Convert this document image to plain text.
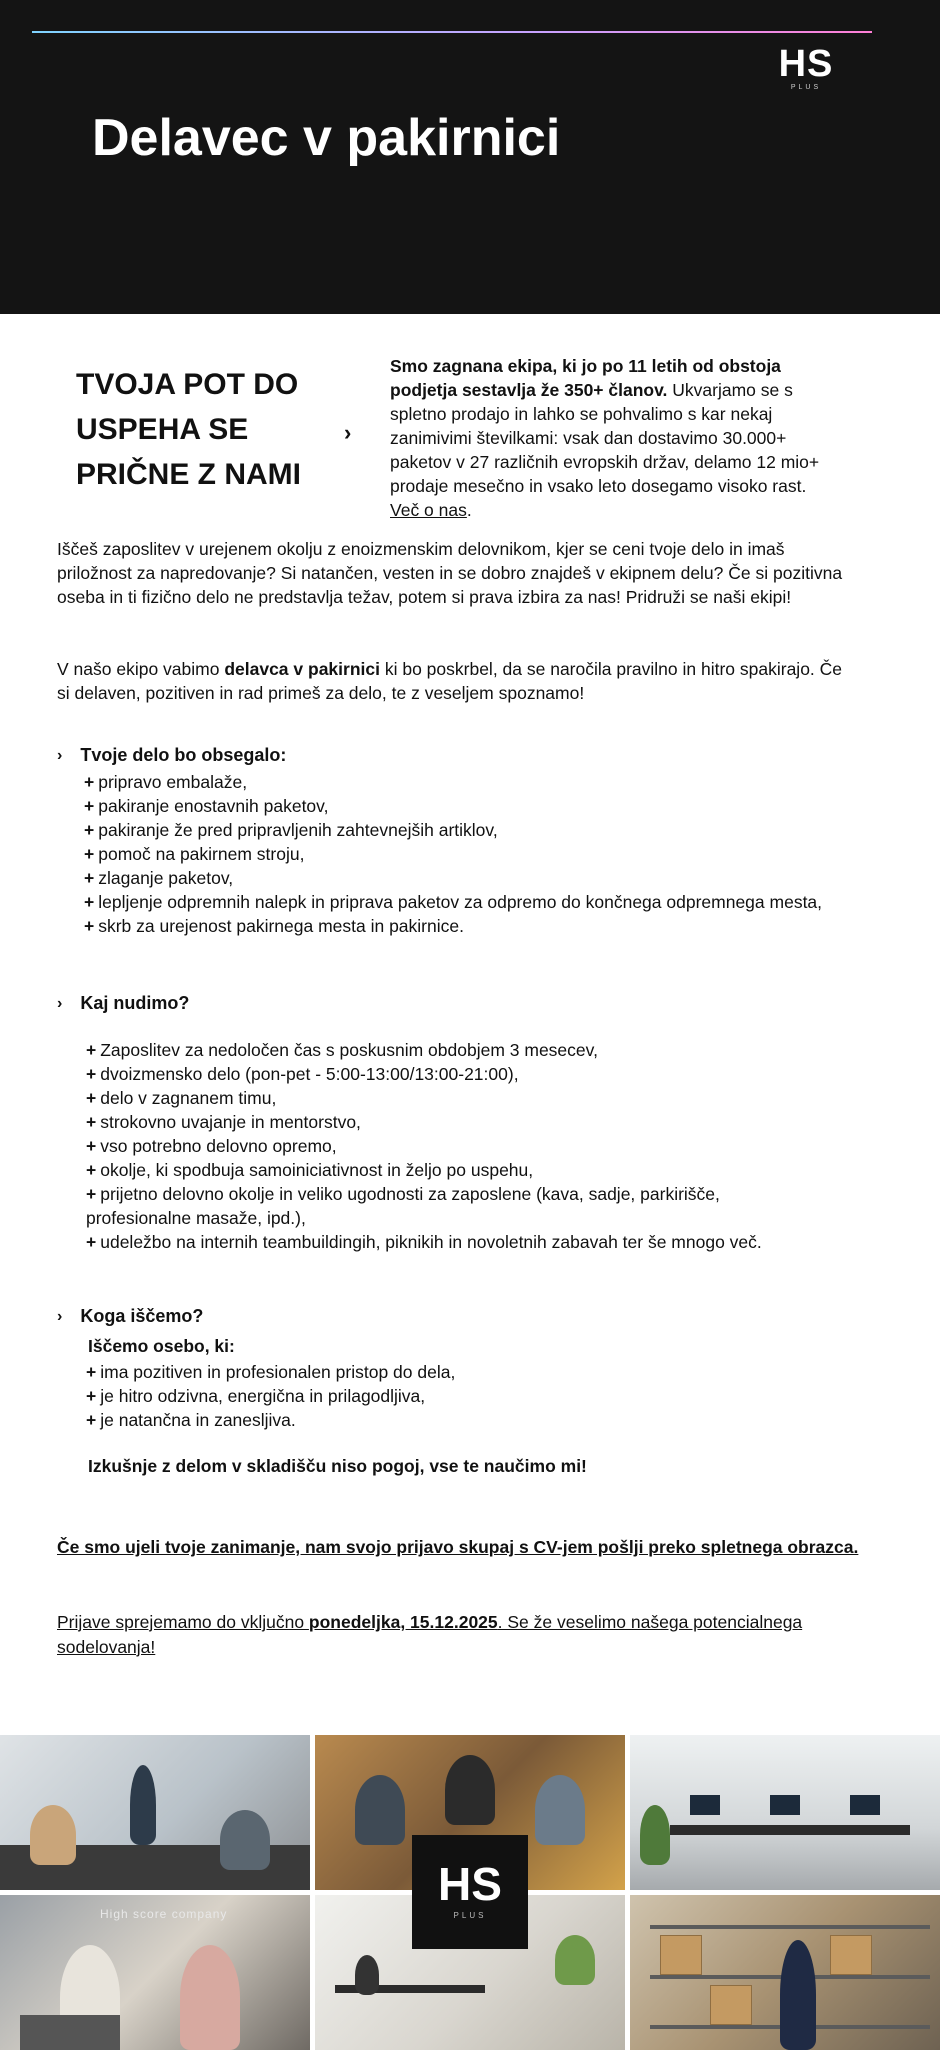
HS
PLUS
Delavec v pakirnici
TVOJA POT DO USPEHA SE PRIČNE Z NAMI
›
Smo zagnana ekipa, ki jo po 11 letih od obstoja podjetja sestavlja že 350+ članov. Ukvarjamo se s spletno prodajo in lahko se pohvalimo s kar nekaj zanimivimi številkami: vsak dan dostavimo 30.000+ paketov v 27 različnih evropskih držav, delamo 12 mio+ prodaje mesečno in vsako leto dosegamo visoko rast. Več o nas.

Iščeš zaposlitev v urejenem okolju z enoizmenskim delovnikom, kjer se ceni tvoje delo in imaš priložnost za napredovanje? Si natančen, vesten in se dobro znajdeš v ekipnem delu? Če si pozitivna oseba in ti fizično delo ne predstavlja težav, potem si prava izbira za nas! Pridruži se naši ekipi!

V našo ekipo vabimo delavca v pakirnici ki bo poskrbel, da se naročila pravilno in hitro spakirajo. Če si delaven, pozitiven in rad primeš za delo, te z veseljem spoznamo!

› Tvoje delo bo obsegalo:
+ pripravo embalaže,
+ pakiranje enostavnih paketov,
+ pakiranje že pred pripravljenih zahtevnejših artiklov,
+ pomoč na pakirnem stroju,
+ zlaganje paketov,
+ lepljenje odpremnih nalepk in priprava paketov za odpremo do končnega odpremnega mesta,
+ skrb za urejenost pakirnega mesta in pakirnice.
› Kaj nudimo?
+ Zaposlitev za nedoločen čas s poskusnim obdobjem 3 mesecev,
+ dvoizmensko delo (pon-pet - 5:00-13:00/13:00-21:00),
+ delo v zagnanem timu,
+ strokovno uvajanje in mentorstvo,
+ vso potrebno delovno opremo,
+ okolje, ki spodbuja samoiniciativnost in željo po uspehu,
+ prijetno delovno okolje in veliko ugodnosti za zaposlene (kava, sadje, parkirišče, profesionalne masaže, ipd.),
+ udeležbo na internih teambuildingih, piknikih in novoletnih zabavah ter še mnogo več.
› Koga iščemo?
Iščemo osebo, ki:
+ ima pozitiven in profesionalen pristop do dela,
+ je hitro odzivna, energična in prilagodljiva,
+ je natančna in zanesljiva.
Izkušnje z delom v skladišču niso pogoj, vse te naučimo mi!

Če smo ujeli tvoje zanimanje, nam svojo prijavo skupaj s CV-jem pošlji preko spletnega obrazca.

Prijave sprejemamo do vključno ponedeljka, 15.12.2025. Se že veselimo našega potencialnega sodelovanja!

High score company
HS
PLUS
